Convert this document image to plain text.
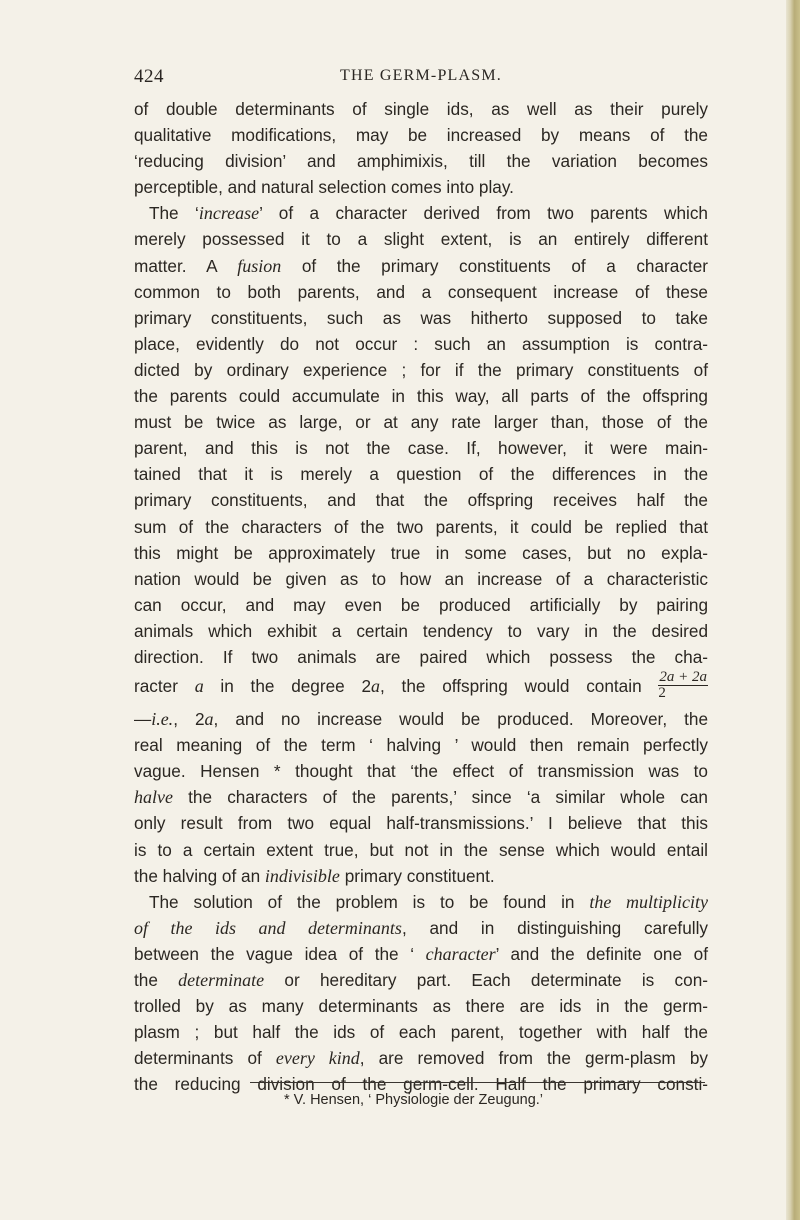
424	THE GERM-PLASM.
of double determinants of single ids, as well as their purely
qualitative modifications, may be increased by means of the
‘reducing division’ and amphimixis, till the variation becomes
perceptible, and natural selection comes into play.
The ‘increase’ of a character derived from two parents which
merely possessed it to a slight extent, is an entirely different
matter. A fusion of the primary constituents of a character
common to both parents, and a consequent increase of these
primary constituents, such as was hitherto supposed to take
place, evidently do not occur : such an assumption is contra-
dicted by ordinary experience ; for if the primary constituents of
the parents could accumulate in this way, all parts of the offspring
must be twice as large, or at any rate larger than, those of the
parent, and this is not the case. If, however, it were main-
tained that it is merely a question of the differences in the
primary constituents, and that the offspring receives half the
sum of the characters of the two parents, it could be replied that
this might be approximately true in some cases, but no expla-
nation would be given as to how an increase of a characteristic
can occur, and may even be produced artificially by pairing
animals which exhibit a certain tendency to vary in the desired
direction. If two animals are paired which possess the cha-
racter a in the degree 2a, the offspring would contain $\frac{2a + 2a}{2}$
—i.e., 2a, and no increase would be produced. Moreover, the
real meaning of the term ‘ halving ’ would then remain perfectly
vague. Hensen * thought that ‘the effect of transmission was to
halve the characters of the parents,’ since ‘a similar whole can
only result from two equal half-transmissions.’ I believe that this
is to a certain extent true, but not in the sense which would entail
the halving of an indivisible primary constituent.
The solution of the problem is to be found in the multiplicity
of the ids and determinants, and in distinguishing carefully
between the vague idea of the ‘ character’ and the definite one of
the determinate or hereditary part. Each determinate is con-
trolled by as many determinants as there are ids in the germ-
plasm ; but half the ids of each parent, together with half the
determinants of every kind, are removed from the germ-plasm by
the reducing division of the germ-cell. Half the primary consti-
* V. Hensen, ‘ Physiologie der Zeugung.’
